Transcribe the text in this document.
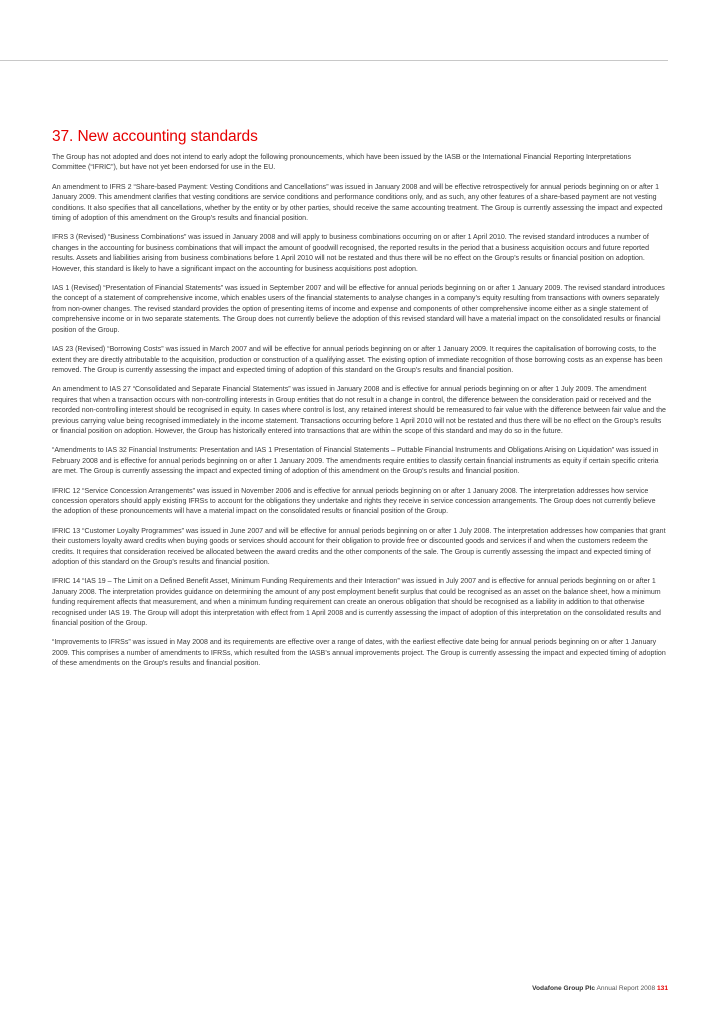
37. New accounting standards

The Group has not adopted and does not intend to early adopt the following pronouncements, which have been issued by the IASB or the International Financial Reporting Interpretations Committee (“IFRIC”), but have not yet been endorsed for use in the EU.

An amendment to IFRS 2 “Share-based Payment: Vesting Conditions and Cancellations” was issued in January 2008 and will be effective retrospectively for annual periods beginning on or after 1 January 2009. This amendment clarifies that vesting conditions are service conditions and performance conditions only, and as such, any other features of a share-based payment are not vesting conditions. It also specifies that all cancellations, whether by the entity or by other parties, should receive the same accounting treatment. The Group is currently assessing the impact and expected timing of adoption of this amendment on the Group’s results and financial position.

IFRS 3 (Revised) “Business Combinations” was issued in January 2008 and will apply to business combinations occurring on or after 1 April 2010. The revised standard introduces a number of changes in the accounting for business combinations that will impact the amount of goodwill recognised, the reported results in the period that a business acquisition occurs and future reported results. Assets and liabilities arising from business combinations before 1 April 2010 will not be restated and thus there will be no effect on the Group’s results or financial position on adoption. However, this standard is likely to have a significant impact on the accounting for business acquisitions post adoption.

IAS 1 (Revised) “Presentation of Financial Statements” was issued in September 2007 and will be effective for annual periods beginning on or after 1 January 2009. The revised standard introduces the concept of a statement of comprehensive income, which enables users of the financial statements to analyse changes in a company’s equity resulting from transactions with owners separately from non-owner changes. The revised standard provides the option of presenting items of income and expense and components of other comprehensive income either as a single statement of comprehensive income or in two separate statements. The Group does not currently believe the adoption of this revised standard will have a material impact on the consolidated results or financial position of the Group.

IAS 23 (Revised) “Borrowing Costs” was issued in March 2007 and will be effective for annual periods beginning on or after 1 January 2009. It requires the capitalisation of borrowing costs, to the extent they are directly attributable to the acquisition, production or construction of a qualifying asset. The existing option of immediate recognition of those borrowing costs as an expense has been removed. The Group is currently assessing the impact and expected timing of adoption of this standard on the Group’s results and financial position.

An amendment to IAS 27 “Consolidated and Separate Financial Statements” was issued in January 2008 and is effective for annual periods beginning on or after 1 July 2009. The amendment requires that when a transaction occurs with non-controlling interests in Group entities that do not result in a change in control, the difference between the consideration paid or received and the recorded non-controlling interest should be recognised in equity. In cases where control is lost, any retained interest should be remeasured to fair value with the difference between fair value and the previous carrying value being recognised immediately in the income statement. Transactions occurring before 1 April 2010 will not be restated and thus there will be no effect on the Group’s results or financial position on adoption. However, the Group has historically entered into transactions that are within the scope of this standard and may do so in the future.

“Amendments to IAS 32 Financial Instruments: Presentation and IAS 1 Presentation of Financial Statements – Puttable Financial Instruments and Obligations Arising on Liquidation” was issued in February 2008 and is effective for annual periods beginning on or after 1 January 2009. The amendments require entities to classify certain financial instruments as equity if certain specific criteria are met. The Group is currently assessing the impact and expected timing of adoption of this amendment on the Group’s results and financial position.

IFRIC 12 “Service Concession Arrangements” was issued in November 2006 and is effective for annual periods beginning on or after 1 January 2008. The interpretation addresses how service concession operators should apply existing IFRSs to account for the obligations they undertake and rights they receive in service concession arrangements. The Group does not currently believe the adoption of these pronouncements will have a material impact on the consolidated results or financial position of the Group.

IFRIC 13 “Customer Loyalty Programmes” was issued in June 2007 and will be effective for annual periods beginning on or after 1 July 2008. The interpretation addresses how companies that grant their customers loyalty award credits when buying goods or services should account for their obligation to provide free or discounted goods and services if and when the customers redeem the credits. It requires that consideration received be allocated between the award credits and the other components of the sale. The Group is currently assessing the impact and expected timing of adoption of this standard on the Group’s results and financial position.

IFRIC 14 “IAS 19 – The Limit on a Defined Benefit Asset, Minimum Funding Requirements and their Interaction” was issued in July 2007 and is effective for annual periods beginning on or after 1 January 2008. The interpretation provides guidance on determining the amount of any post employment benefit surplus that could be recognised as an asset on the balance sheet, how a minimum funding requirement affects that measurement, and when a minimum funding requirement can create an onerous obligation that should be recognised as a liability in addition to that otherwise recognised under IAS 19. The Group will adopt this interpretation with effect from 1 April 2008 and is currently assessing the impact of adoption of this interpretation on the consolidated results and financial position of the Group.

“Improvements to IFRSs” was issued in May 2008 and its requirements are effective over a range of dates, with the earliest effective date being for annual periods beginning on or after 1 January 2009. This comprises a number of amendments to IFRSs, which resulted from the IASB’s annual improvements project. The Group is currently assessing the impact and expected timing of adoption of these amendments on the Group’s results and financial position.

Vodafone Group Plc Annual Report 2008 131
